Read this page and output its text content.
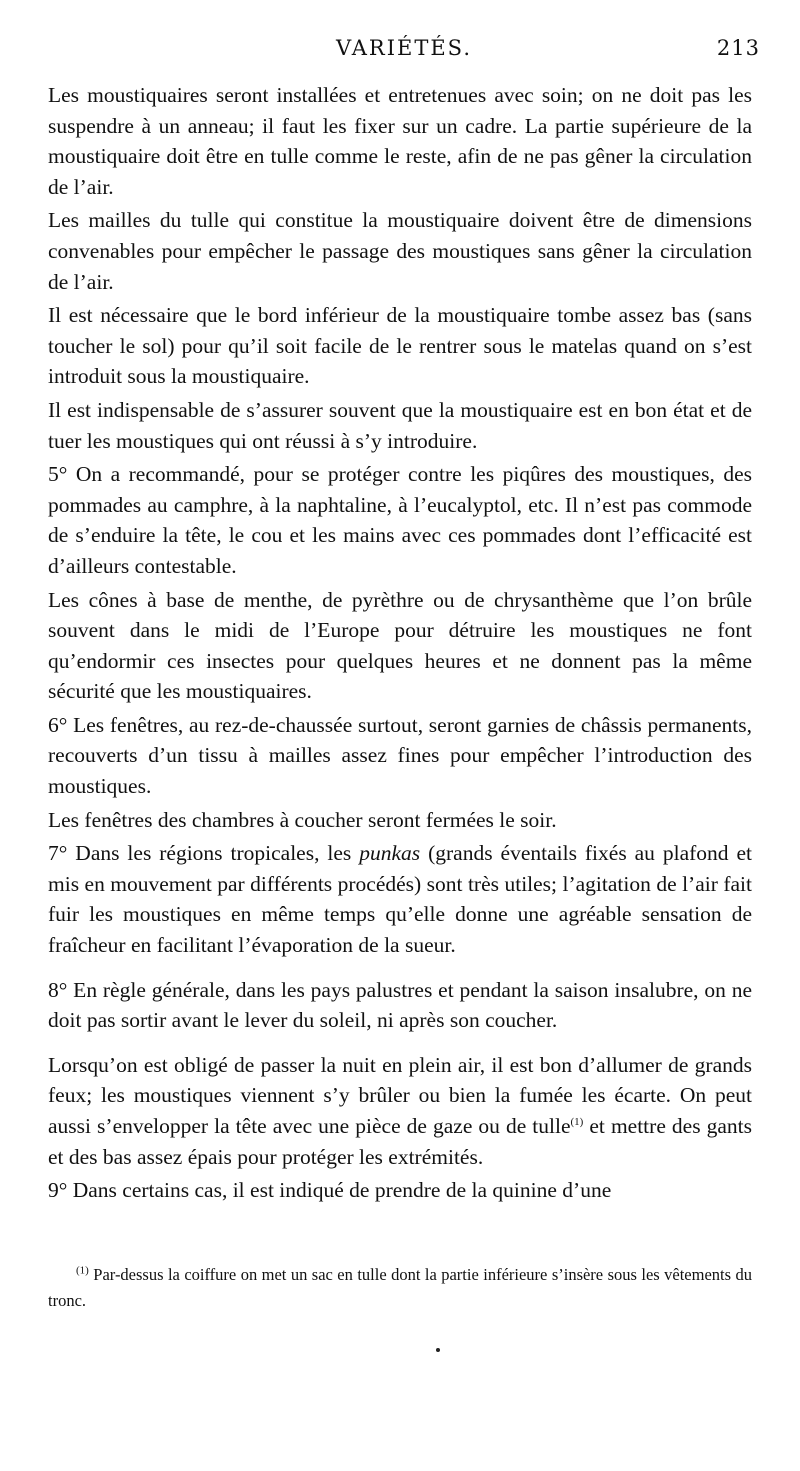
VARIÉTÉS.	213

Les moustiquaires seront installées et entretenues avec soin; on ne doit pas les suspendre à un anneau; il faut les fixer sur un cadre. La partie supérieure de la moustiquaire doit être en tulle comme le reste, afin de ne pas gêner la circulation de l’air.

Les mailles du tulle qui constitue la moustiquaire doivent être de dimensions convenables pour empêcher le passage des moustiques sans gêner la circulation de l’air.

Il est nécessaire que le bord inférieur de la moustiquaire tombe assez bas (sans toucher le sol) pour qu’il soit facile de le rentrer sous le matelas quand on s’est introduit sous la moustiquaire.

Il est indispensable de s’assurer souvent que la moustiquaire est en bon état et de tuer les moustiques qui ont réussi à s’y introduire.

5° On a recommandé, pour se protéger contre les piqûres des moustiques, des pommades au camphre, à la naphtaline, à l’eucalyptol, etc. Il n’est pas commode de s’enduire la tête, le cou et les mains avec ces pommades dont l’efficacité est d’ailleurs contestable.

Les cônes à base de menthe, de pyrèthre ou de chrysanthème que l’on brûle souvent dans le midi de l’Europe pour détruire les moustiques ne font qu’endormir ces insectes pour quelques heures et ne donnent pas la même sécurité que les moustiquaires.

6° Les fenêtres, au rez-de-chaussée surtout, seront garnies de châssis permanents, recouverts d’un tissu à mailles assez fines pour empêcher l’introduction des moustiques.

Les fenêtres des chambres à coucher seront fermées le soir.

7° Dans les régions tropicales, les punkas (grands éventails fixés au plafond et mis en mouvement par différents procédés) sont très utiles; l’agitation de l’air fait fuir les moustiques en même temps qu’elle donne une agréable sensation de fraîcheur en facilitant l’évaporation de la sueur.

8° En règle générale, dans les pays palustres et pendant la saison insalubre, on ne doit pas sortir avant le lever du soleil, ni après son coucher.

Lorsqu’on est obligé de passer la nuit en plein air, il est bon d’allumer de grands feux; les moustiques viennent s’y brûler ou bien la fumée les écarte. On peut aussi s’envelopper la tête avec une pièce de gaze ou de tulle$^{(1)}$ et mettre des gants et des bas assez épais pour protéger les extrémités.

9° Dans certains cas, il est indiqué de prendre de la quinine d’une

$^{(1)}$ Par-dessus la coiffure on met un sac en tulle dont la partie inférieure s’insère sous les vêtements du tronc.
